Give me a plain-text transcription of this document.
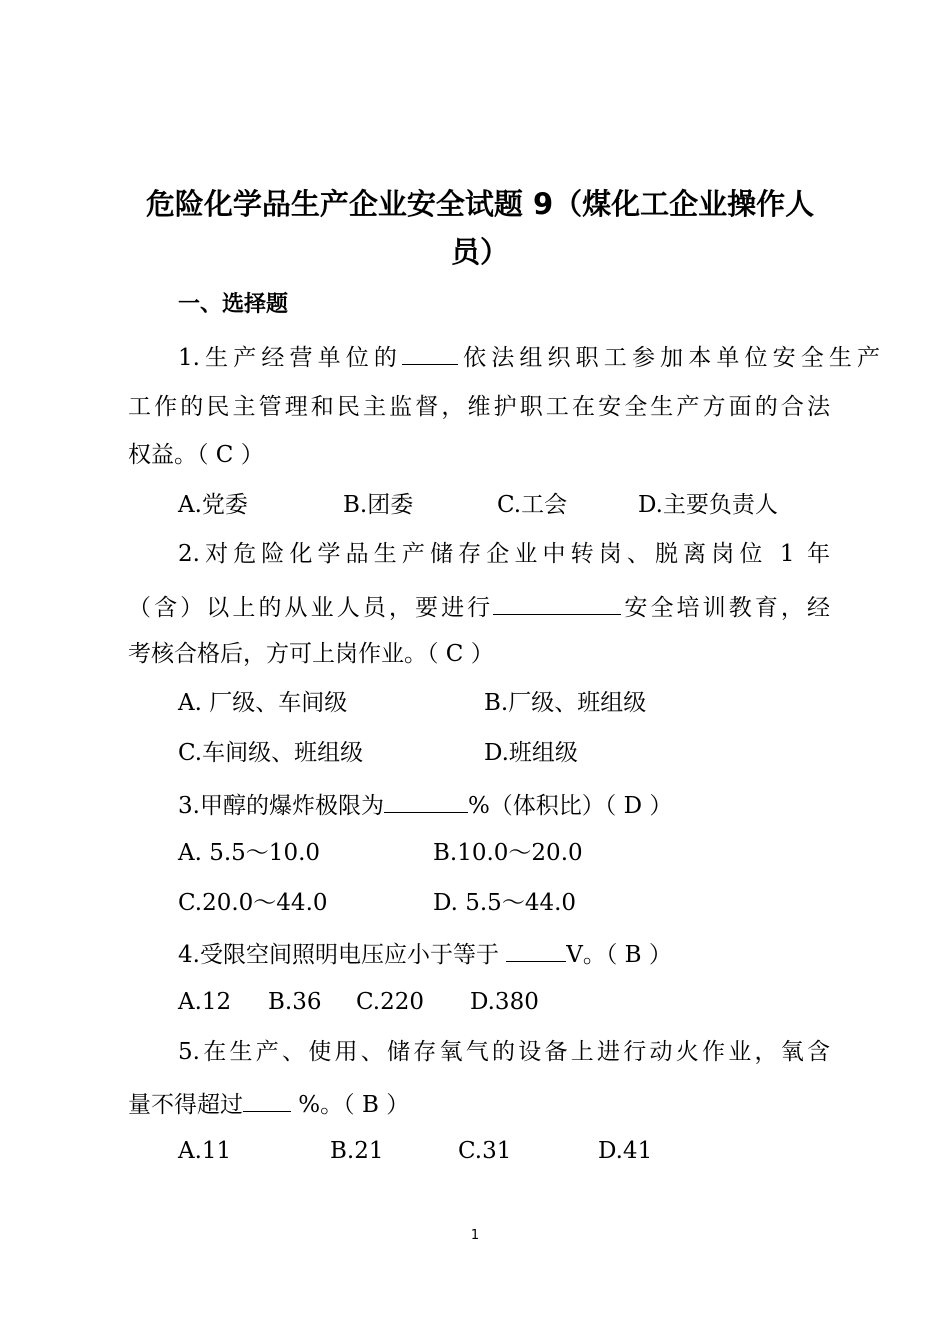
危险化学品生产企业安全试题 9（煤化工企业操作人
员）
一、选择题
1.生产经营单位的 依法组织职工参加本单位安全生产
工作的民主管理和民主监督，维护职工在安全生产方面的合法
权益。（ C ）
A.党委	B.团委	C.工会	D.主要负责人
2.对危险化学品生产储存企业中转岗、脱离岗位 1 年
（含）以上的从业人员，要进行	安全培训教育，经
考核合格后，方可上岗作业。（ C ）
A. 厂级、车间级	B.厂级、班组级
C.车间级、班组级	D.班组级
3.甲醇的爆炸极限为	%（体积比）（ D ）
A. 5.5～10.0	B.10.0～20.0
C.20.0～44.0	D. 5.5～44.0
4.受限空间照明电压应小于等于	V。（ B ）
A.12 B.36 C.220 D.380
5.在生产、使用、储存氧气的设备上进行动火作业，氧含
量不得超过 %。（ B ）
A.11	B.21	C.31	D.41
1
